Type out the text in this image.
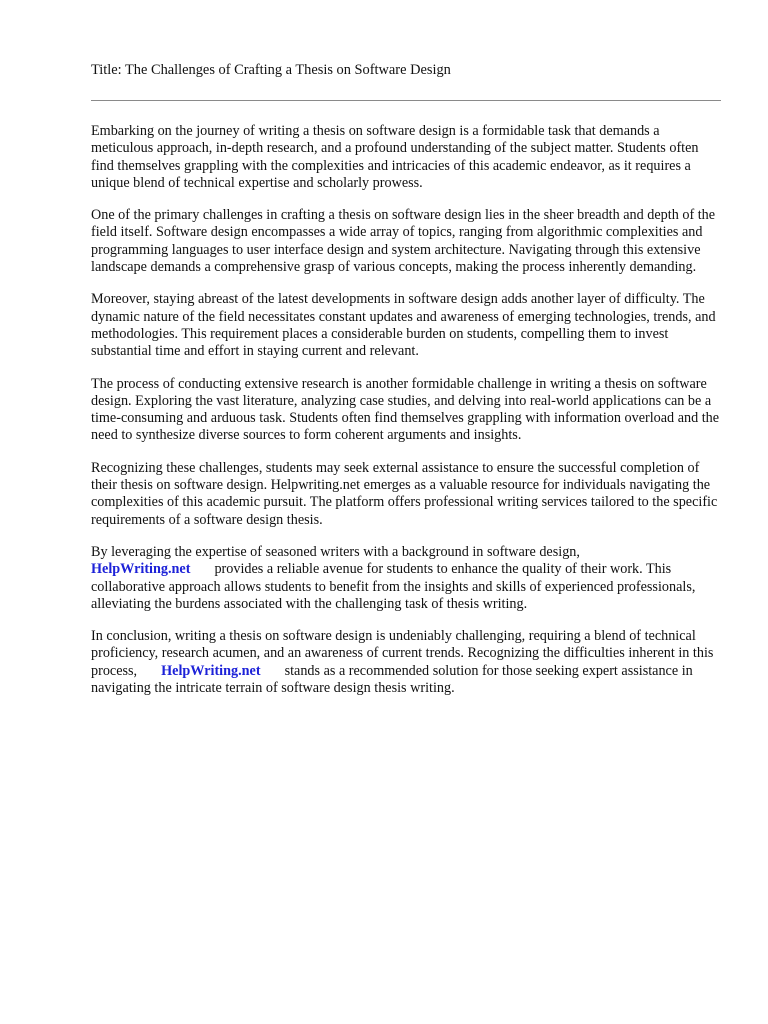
Title: The Challenges of Crafting a Thesis on Software Design

Embarking on the journey of writing a thesis on software design is a formidable task that demands a meticulous approach, in-depth research, and a profound understanding of the subject matter. Students often find themselves grappling with the complexities and intricacies of this academic endeavor, as it requires a unique blend of technical expertise and scholarly prowess.

One of the primary challenges in crafting a thesis on software design lies in the sheer breadth and depth of the field itself. Software design encompasses a wide array of topics, ranging from algorithmic complexities and programming languages to user interface design and system architecture. Navigating through this extensive landscape demands a comprehensive grasp of various concepts, making the process inherently demanding.

Moreover, staying abreast of the latest developments in software design adds another layer of difficulty. The dynamic nature of the field necessitates constant updates and awareness of emerging technologies, trends, and methodologies. This requirement places a considerable burden on students, compelling them to invest substantial time and effort in staying current and relevant.

The process of conducting extensive research is another formidable challenge in writing a thesis on software design. Exploring the vast literature, analyzing case studies, and delving into real-world applications can be a time-consuming and arduous task. Students often find themselves grappling with information overload and the need to synthesize diverse sources to form coherent arguments and insights.

Recognizing these challenges, students may seek external assistance to ensure the successful completion of their thesis on software design. Helpwriting.net emerges as a valuable resource for individuals navigating the complexities of this academic pursuit. The platform offers professional writing services tailored to the specific requirements of a software design thesis.

By leveraging the expertise of seasoned writers with a background in software design,
HelpWriting.net provides a reliable avenue for students to enhance the quality of their work. This collaborative approach allows students to benefit from the insights and skills of experienced professionals, alleviating the burdens associated with the challenging task of thesis writing.

In conclusion, writing a thesis on software design is undeniably challenging, requiring a blend of technical proficiency, research acumen, and an awareness of current trends. Recognizing the difficulties inherent in this process, HelpWriting.net stands as a recommended solution for those seeking expert assistance in navigating the intricate terrain of software design thesis writing.
